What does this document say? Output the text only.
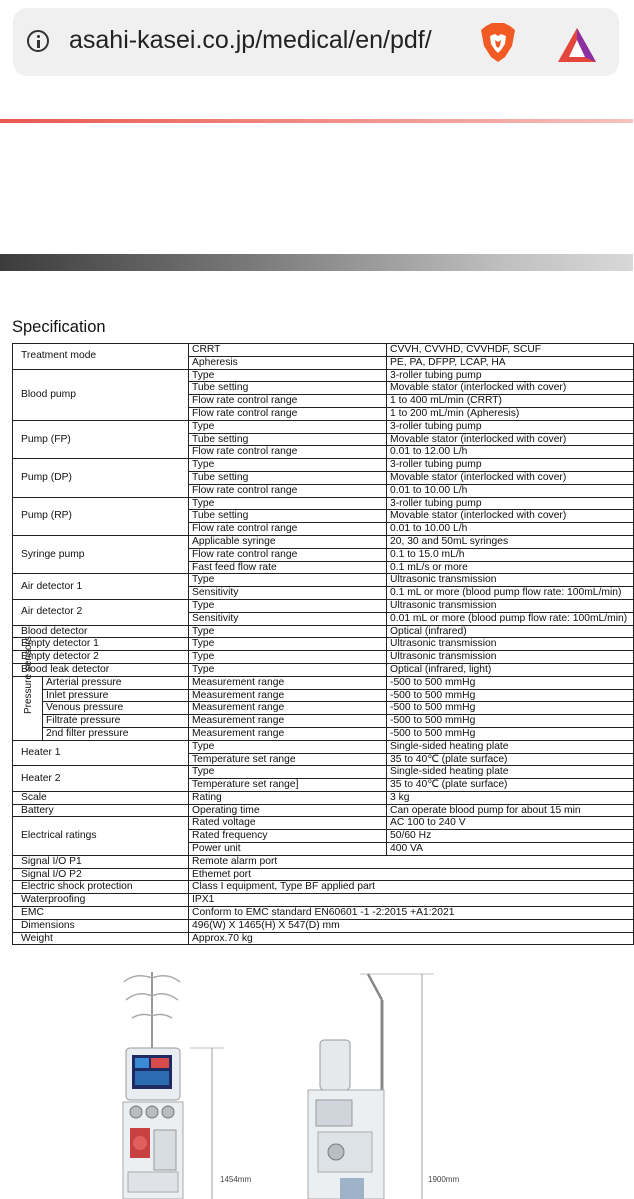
asahi-kasei.co.jp/medical/en/pdf/
Specification
Treatment mode		CRRT	CVVH, CVVHD, CVVHDF, SCUF
		Apheresis	PE, PA, DFPP, LCAP, HA
Blood pump		Type	3-roller tubing pump
		Tube setting	Movable stator (interlocked with cover)
		Flow rate control range	1 to 400 mL/min (CRRT)
		Flow rate control range	1 to 200 mL/min (Apheresis)
Pump (FP)		Type	3-roller tubing pump
		Tube setting	Movable stator (interlocked with cover)
		Flow rate control range	0.01 to 12.00 L/h
Pump (DP)		Type	3-roller tubing pump
		Tube setting	Movable stator (interlocked with cover)
		Flow rate control range	0.01 to 10.00 L/h
Pump (RP)		Type	3-roller tubing pump
		Tube setting	Movable stator (interlocked with cover)
		Flow rate control range	0.01 to 10.00 L/h
Syringe pump		Applicable syringe	20, 30 and 50mL syringes
		Flow rate control range	0.1 to 15.0 mL/h
		Fast feed flow rate	0.1 mL/s or more
Air detector 1		Type	Ultrasonic transmission
		Sensitivity	0.1 mL or more (blood pump flow rate: 100mL/min)
Air detector 2		Type	Ultrasonic transmission
		Sensitivity	0.01 mL or more (blood pump flow rate: 100mL/min)
Blood detector		Type	Optical (infrared)
Empty detector 1		Type	Ultrasonic transmission
Empty detector 2		Type	Ultrasonic transmission
Blood leak detector		Type	Optical (infrared, light)
Pressure sensors	Arterial pressure	Measurement range	-500 to 500 mmHg
	Inlet pressure	Measurement range	-500 to 500 mmHg
	Venous pressure	Measurement range	-500 to 500 mmHg
	Filtrate pressure	Measurement range	-500 to 500 mmHg
	2nd filter pressure	Measurement range	-500 to 500 mmHg
Heater 1		Type	Single-sided heating plate
		Temperature set range	35 to 40℃ (plate surface)
Heater 2		Type	Single-sided heating plate
		Temperature set range]	35 to 40℃ (plate surface)
Scale		Rating	3 kg
Battery		Operating time	Can operate blood pump for about 15 min
Electrical ratings		Rated voltage	AC 100 to 240 V
		Rated frequency	50/60 Hz
		Power unit	400 VA
Signal I/O P1		Remote alarm port	
Signal I/O P2		Ethemet port	
Electric shock protection		Class I equipment, Type BF applied part	
Waterproofing		IPX1	
EMC		Conform to EMC standard EN60601 -1 -2:2015 +A1:2021	
Dimensions		496(W) X 1465(H) X 547(D) mm	
Weight		Approx.70 kg	
1454mm	1900mm
